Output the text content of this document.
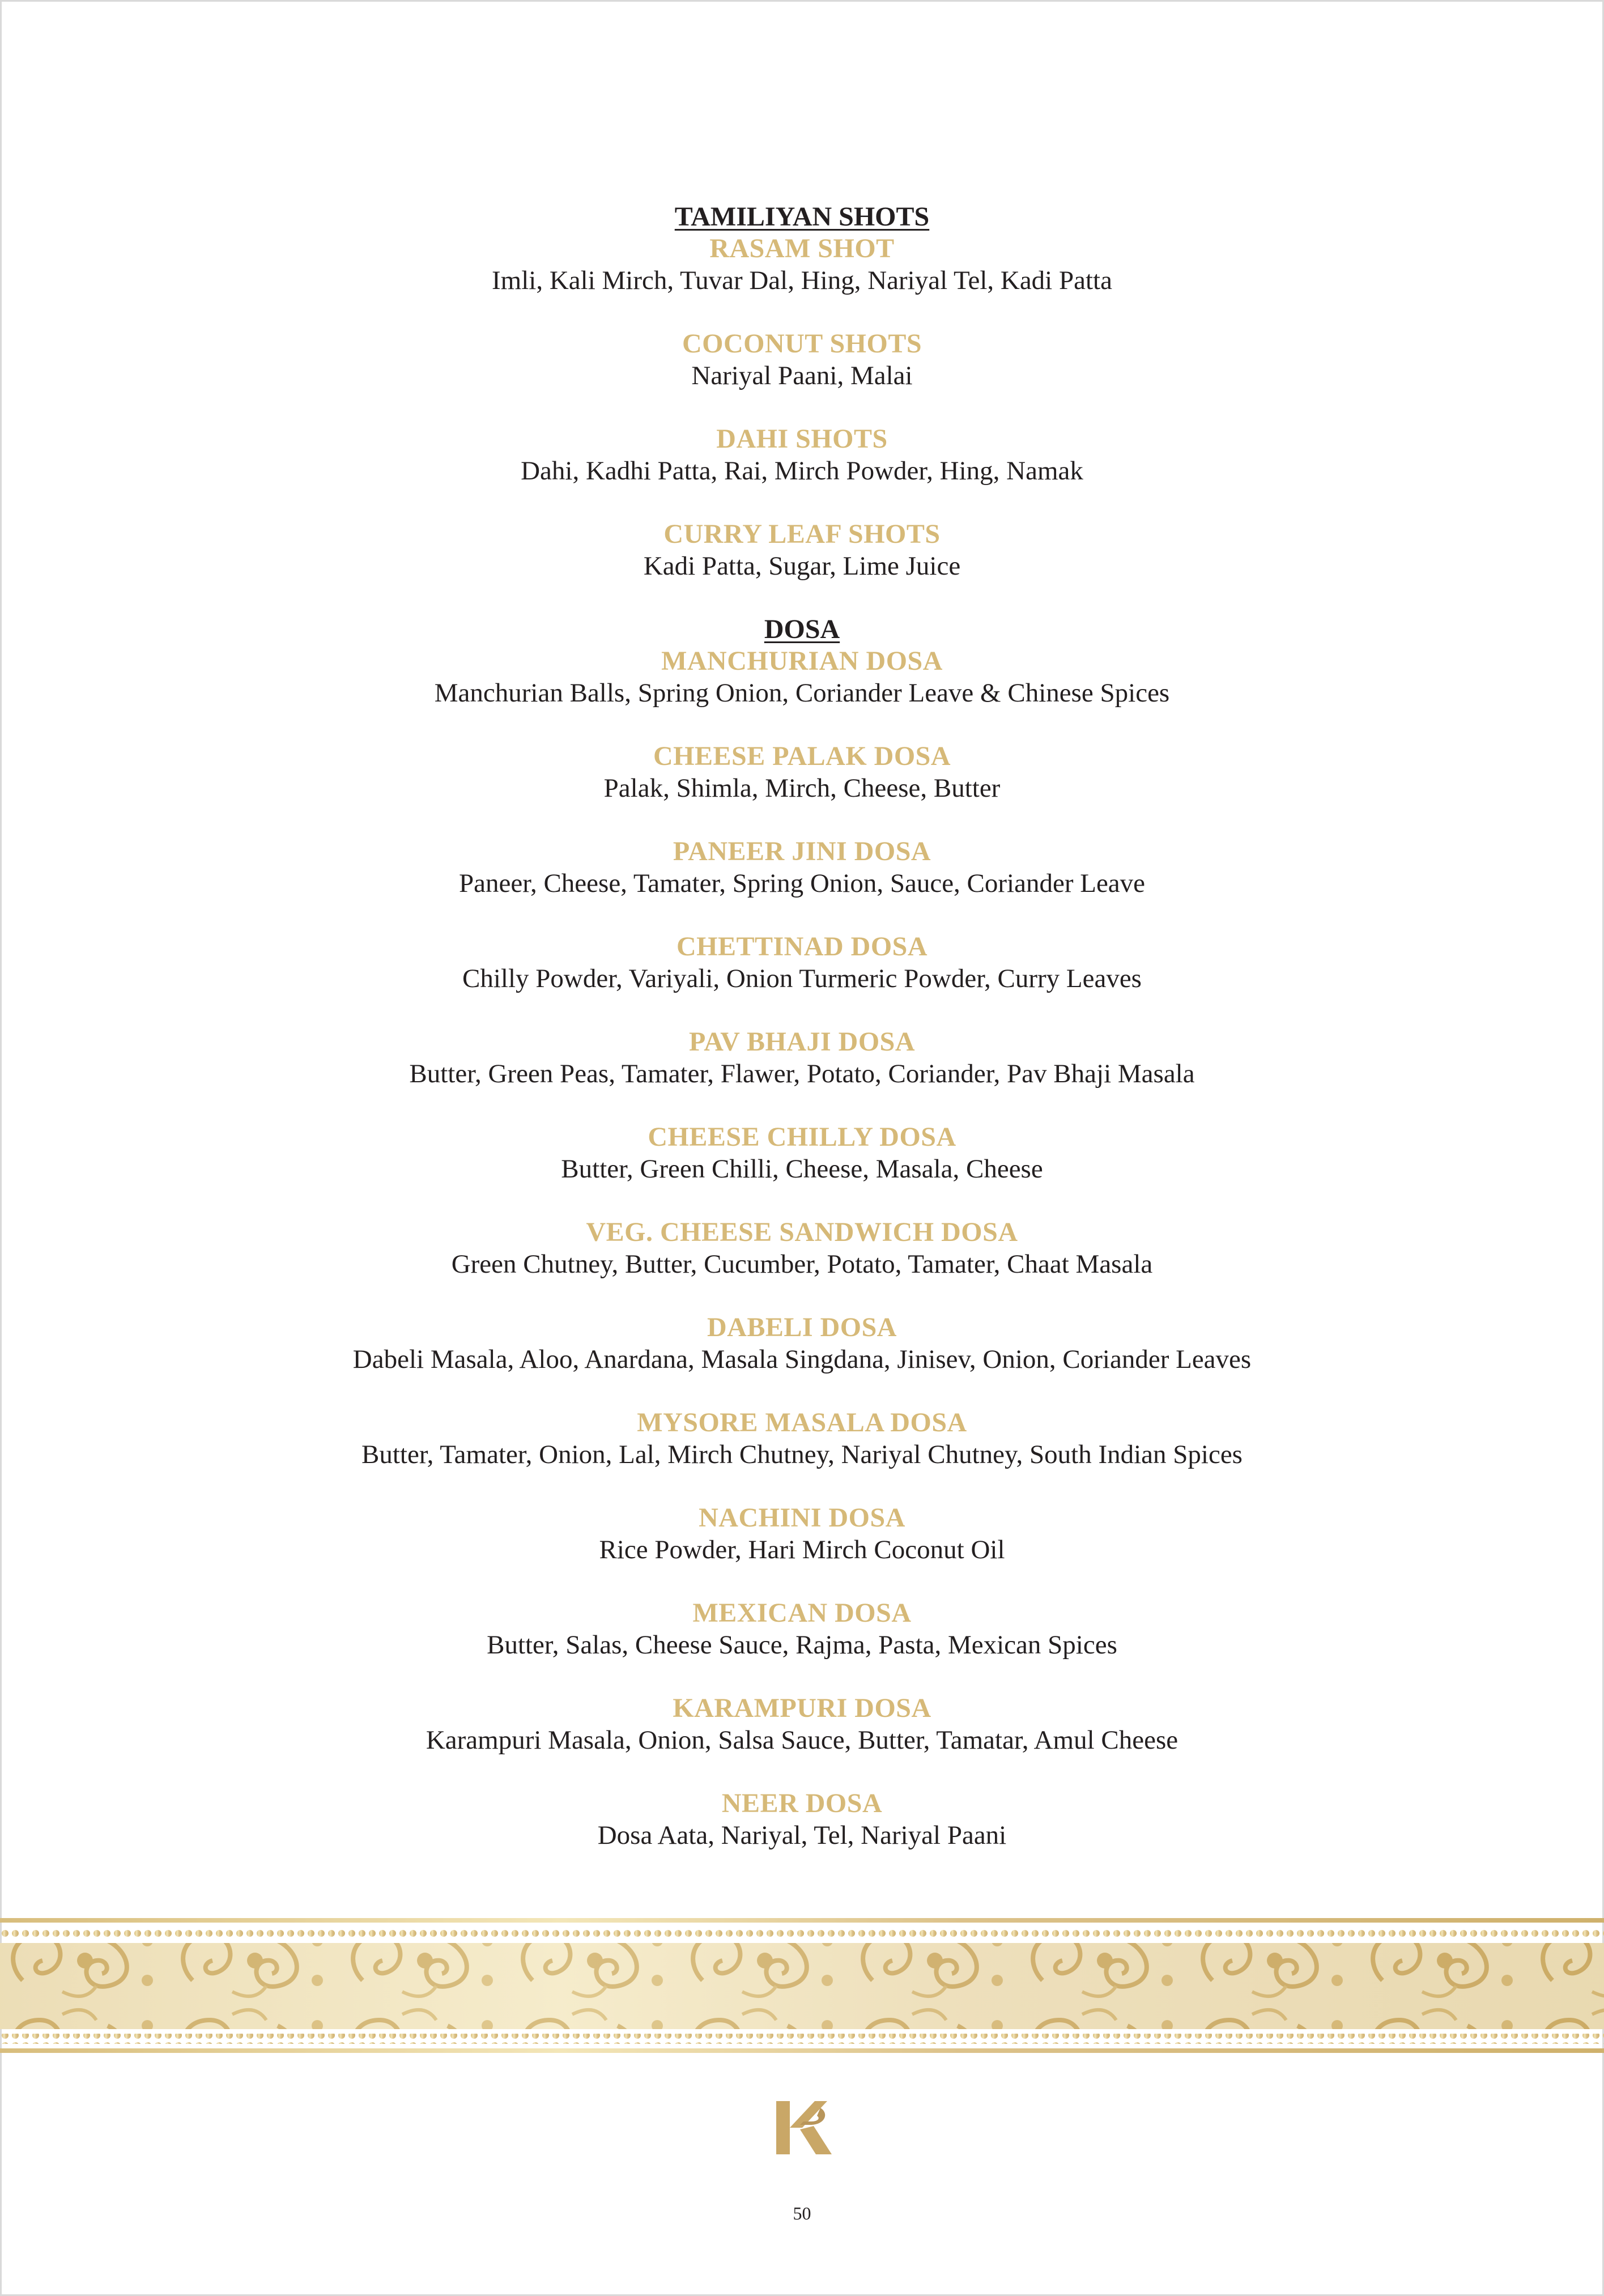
TAMILIYAN SHOTS
RASAM SHOT
Imli, Kali Mirch, Tuvar Dal, Hing, Nariyal Tel, Kadi Patta
COCONUT SHOTS
Nariyal Paani, Malai
DAHI SHOTS
Dahi, Kadhi Patta, Rai, Mirch Powder, Hing, Namak
CURRY LEAF SHOTS
Kadi Patta, Sugar, Lime Juice
DOSA
MANCHURIAN DOSA
Manchurian Balls, Spring Onion, Coriander Leave & Chinese Spices
CHEESE PALAK DOSA
Palak, Shimla, Mirch, Cheese, Butter
PANEER JINI DOSA
Paneer, Cheese, Tamater, Spring Onion, Sauce, Coriander Leave
CHETTINAD DOSA
Chilly Powder, Variyali, Onion Turmeric Powder, Curry Leaves
PAV BHAJI DOSA
Butter, Green Peas, Tamater, Flawer, Potato, Coriander, Pav Bhaji Masala
CHEESE CHILLY DOSA
Butter, Green Chilli, Cheese, Masala, Cheese
VEG. CHEESE SANDWICH DOSA
Green Chutney, Butter, Cucumber, Potato, Tamater, Chaat Masala
DABELI DOSA
Dabeli Masala, Aloo, Anardana, Masala Singdana, Jinisev, Onion, Coriander Leaves
MYSORE MASALA DOSA
Butter, Tamater, Onion, Lal, Mirch Chutney, Nariyal Chutney, South Indian Spices
NACHINI DOSA
Rice Powder, Hari Mirch Coconut Oil
MEXICAN DOSA
Butter, Salas, Cheese Sauce, Rajma, Pasta, Mexican Spices
KARAMPURI DOSA
Karampuri Masala, Onion, Salsa Sauce, Butter, Tamatar, Amul Cheese
NEER DOSA
Dosa Aata, Nariyal, Tel, Nariyal Paani
50
